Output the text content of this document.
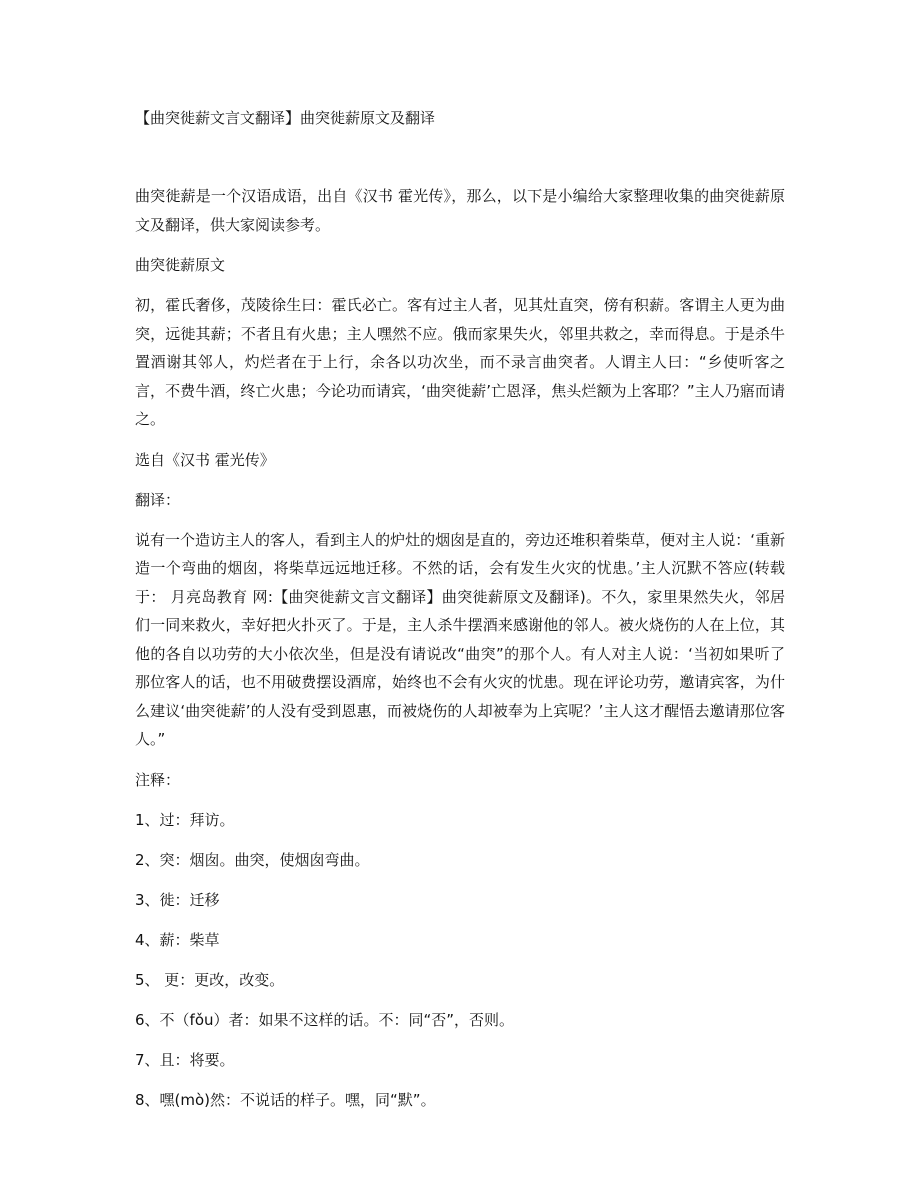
【曲突徙薪文言文翻译】曲突徙薪原文及翻译

曲突徙薪是一个汉语成语，出自《汉书 霍光传》，那么，以下是小编给大家整理收集的曲突徙薪原文及翻译，供大家阅读参考。

曲突徙薪原文

初，霍氏奢侈，茂陵徐生曰：霍氏必亡。客有过主人者，见其灶直突，傍有积薪。客谓主人更为曲突，远徙其薪；不者且有火患；主人嘿然不应。俄而家果失火，邻里共救之，幸而得息。于是杀牛置酒谢其邻人，灼烂者在于上行，余各以功次坐，而不录言曲突者。人谓主人曰：“乡使听客之言，不费牛酒，终亡火患；今论功而请宾，‘曲突徙薪’亡恩泽，焦头烂额为上客耶？”主人乃寤而请之。

选自《汉书 霍光传》
翻译：

说有一个造访主人的客人，看到主人的炉灶的烟囱是直的，旁边还堆积着柴草，便对主人说：‘重新造一个弯曲的烟囱，将柴草远远地迁移。不然的话，会有发生火灾的忧患。’主人沉默不答应(转载于： 月亮岛教育 网:【曲突徙薪文言文翻译】曲突徙薪原文及翻译)。不久，家里果然失火，邻居们一同来救火，幸好把火扑灭了。于是，主人杀牛摆酒来感谢他的邻人。被火烧伤的人在上位，其他的各自以功劳的大小依次坐，但是没有请说改“曲突”的那个人。有人对主人说：‘当初如果听了那位客人的话，也不用破费摆设酒席，始终也不会有火灾的忧患。现在评论功劳，邀请宾客，为什么建议‘曲突徙薪’的人没有受到恩惠，而被烧伤的人却被奉为上宾呢？’主人这才醒悟去邀请那位客人。”

注释：
1、过：拜访。
2、突：烟囱。曲突，使烟囱弯曲。
3、徙：迁移
4、薪：柴草
5、 更：更改，改变。
6、不（fǒu）者：如果不这样的话。不：同“否”，否则。
7、且：将要。
8、嘿(mò)然：不说话的样子。嘿，同“默”。
